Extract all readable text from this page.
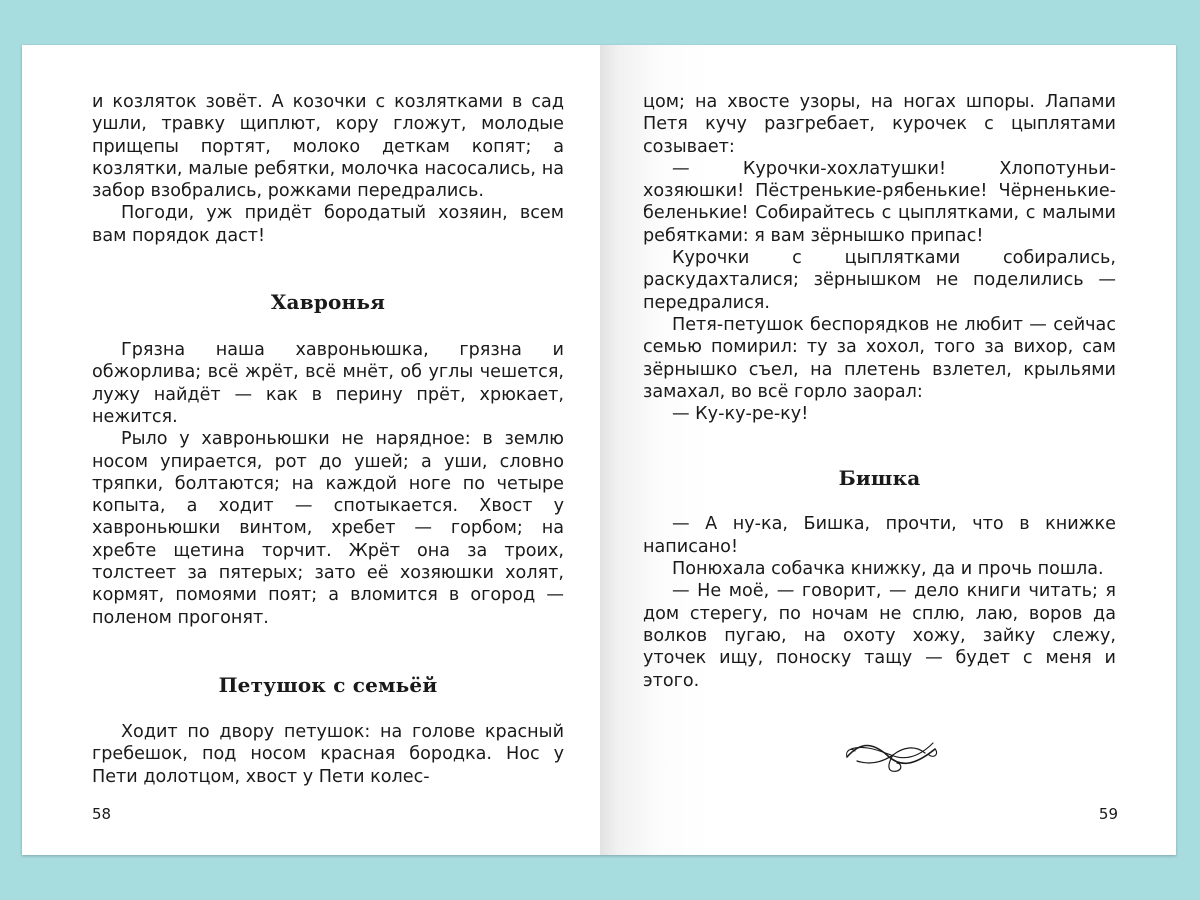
и козляток зовёт. А козочки с козлятками в сад ушли, травку щиплют, кору гложут, молодые прищепы портят, молоко деткам копят; а козлятки, малые ребятки, молочка насосались, на забор взобрались, рожками передрались.

Погоди, уж придёт бородатый хозяин, всем вам порядок даст!

Хавронья

Грязна наша хавроньюшка, грязна и обжорлива; всё жрёт, всё мнёт, об углы чешется, лужу найдёт — как в перину прёт, хрюкает, нежится.

Рыло у хавроньюшки не нарядное: в землю носом упирается, рот до ушей; а уши, словно тряпки, болтаются; на каждой ноге по четыре копыта, а ходит — спотыкается. Хвост у хавроньюшки винтом, хребет — горбом; на хребте щетина торчит. Жрёт она за троих, толстеет за пятерых; зато её хозяюшки холят, кормят, помоями поят; а вломится в огород — поленом прогонят.

Петушок с семьёй

Ходит по двору петушок: на голове красный гребешок, под носом красная бородка. Нос у Пети долотцом, хвост у Пети колес-

58

цом; на хвосте узоры, на ногах шпоры. Лапами Петя кучу разгребает, курочек с цыплятами созывает:

— Курочки-хохлатушки! Хлопотуньи-хозяюшки! Пёстренькие-рябенькие! Чёрненькие-беленькие! Собирайтесь с цыплятками, с малыми ребятками: я вам зёрнышко припас!

Курочки с цыплятками собирались, раскудахталися; зёрнышком не поделились — передралися.

Петя-петушок беспорядков не любит — сейчас семью помирил: ту за хохол, того за вихор, сам зёрнышко съел, на плетень взлетел, крыльями замахал, во всё горло заорал:

— Ку-ку-ре-ку!

Бишка

— А ну-ка, Бишка, прочти, что в книжке написано!

Понюхала собачка книжку, да и прочь пошла.

— Не моё, — говорит, — дело книги читать; я дом стерегу, по ночам не сплю, лаю, воров да волков пугаю, на охоту хожу, зайку слежу, уточек ищу, поноску тащу — будет с меня и этого.

59
